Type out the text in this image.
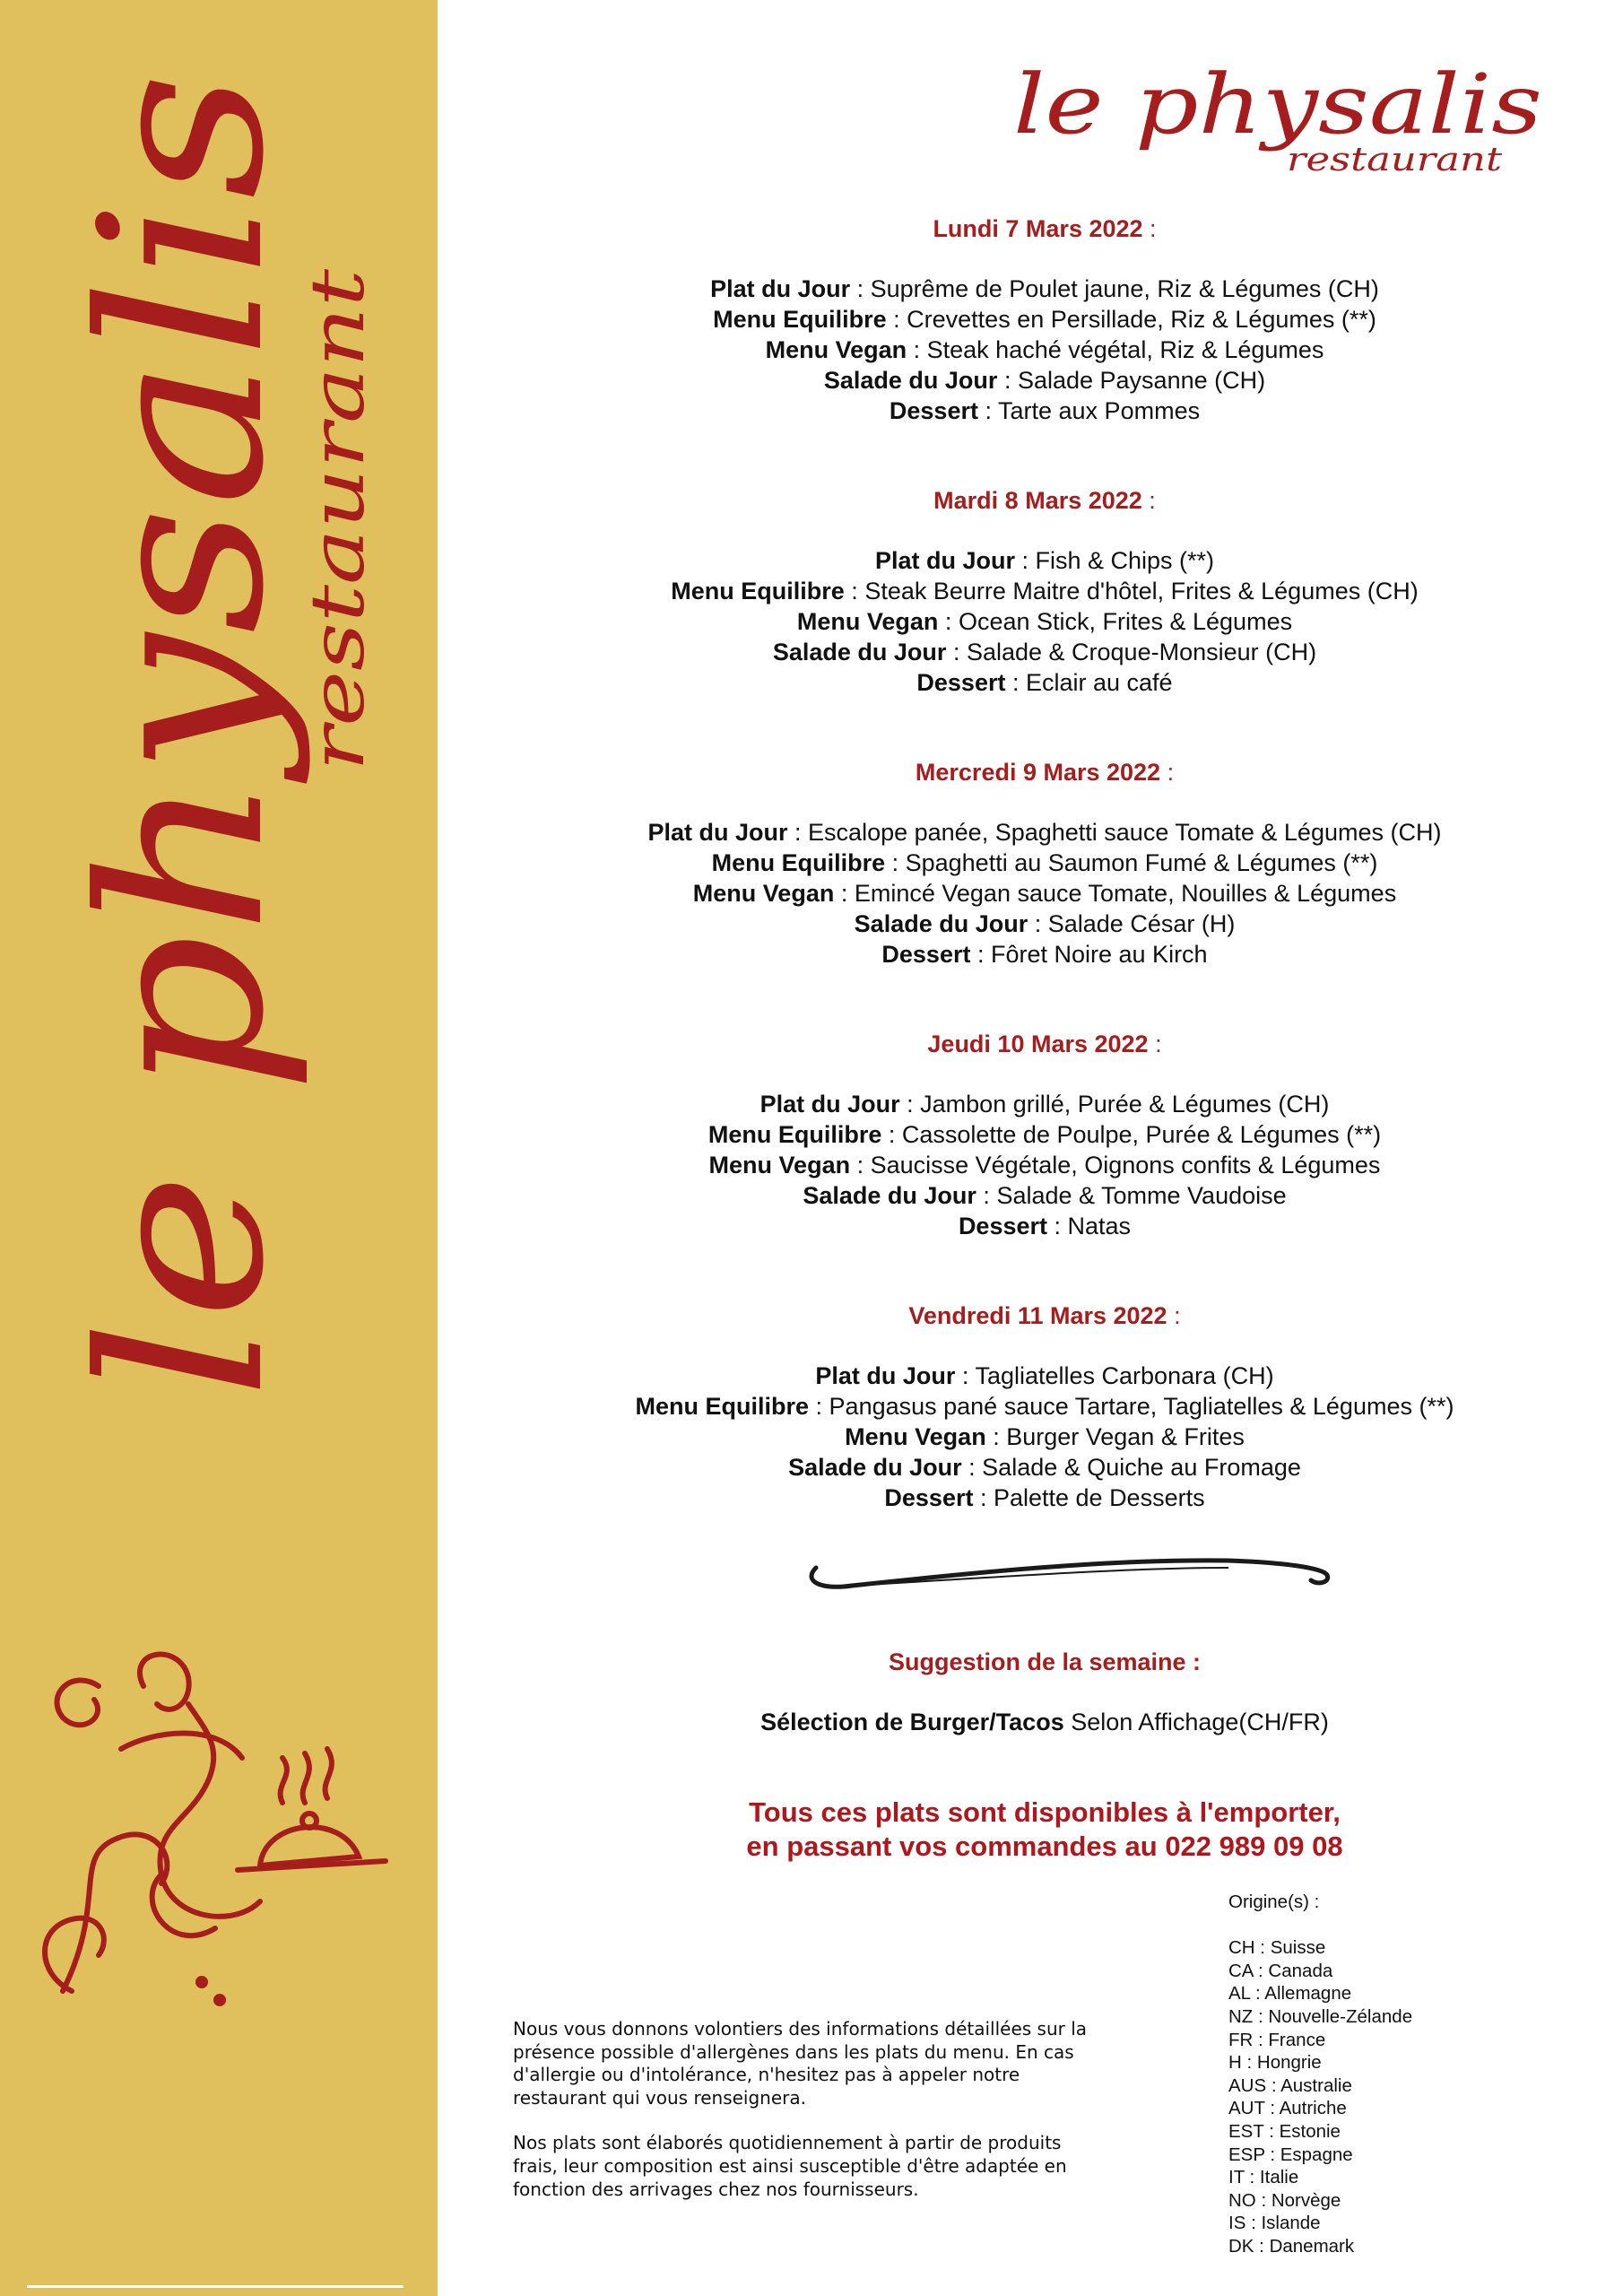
le physalis
restaurant
le physalis
restaurant
Lundi 7 Mars 2022 :
Plat du Jour : Suprême de Poulet jaune, Riz & Légumes (CH)
Menu Equilibre : Crevettes en Persillade, Riz & Légumes (**)
Menu Vegan : Steak haché végétal, Riz & Légumes
Salade du Jour : Salade Paysanne (CH)
Dessert : Tarte aux Pommes
Mardi 8 Mars 2022 :
Plat du Jour : Fish & Chips (**)
Menu Equilibre : Steak Beurre Maitre d'hôtel, Frites & Légumes (CH)
Menu Vegan : Ocean Stick, Frites & Légumes
Salade du Jour : Salade & Croque-Monsieur (CH)
Dessert : Eclair au café
Mercredi 9 Mars 2022 :
Plat du Jour : Escalope panée, Spaghetti sauce Tomate & Légumes (CH)
Menu Equilibre : Spaghetti au Saumon Fumé & Légumes (**)
Menu Vegan : Emincé Vegan sauce Tomate, Nouilles & Légumes
Salade du Jour : Salade César (H)
Dessert : Fôret Noire au Kirch
Jeudi 10 Mars 2022 :
Plat du Jour : Jambon grillé, Purée & Légumes (CH)
Menu Equilibre : Cassolette de Poulpe, Purée & Légumes (**)
Menu Vegan : Saucisse Végétale, Oignons confits & Légumes
Salade du Jour : Salade & Tomme Vaudoise
Dessert : Natas
Vendredi 11 Mars 2022 :
Plat du Jour : Tagliatelles Carbonara (CH)
Menu Equilibre : Pangasus pané sauce Tartare, Tagliatelles & Légumes (**)
Menu Vegan : Burger Vegan & Frites
Salade du Jour : Salade & Quiche au Fromage
Dessert : Palette de Desserts
Suggestion de la semaine :
Sélection de Burger/Tacos Selon Affichage(CH/FR)
Tous ces plats sont disponibles à l'emporter,
en passant vos commandes au 022 989 09 08

Nous vous donnons volontiers des informations détaillées sur la présence possible d'allergènes dans les plats du menu. En cas d'allergie ou d'intolérance, n'hesitez pas à appeler notre restaurant qui vous renseignera.

Nos plats sont élaborés quotidiennement à partir de produits frais, leur composition est ainsi susceptible d'être adaptée en fonction des arrivages chez nos fournisseurs.

Origine(s) :
CH : Suisse
CA : Canada
AL : Allemagne
NZ : Nouvelle-Zélande
FR : France
H : Hongrie
AUS : Australie
AUT : Autriche
EST : Estonie
ESP : Espagne
IT : Italie
NO : Norvège
IS : Islande
DK : Danemark
